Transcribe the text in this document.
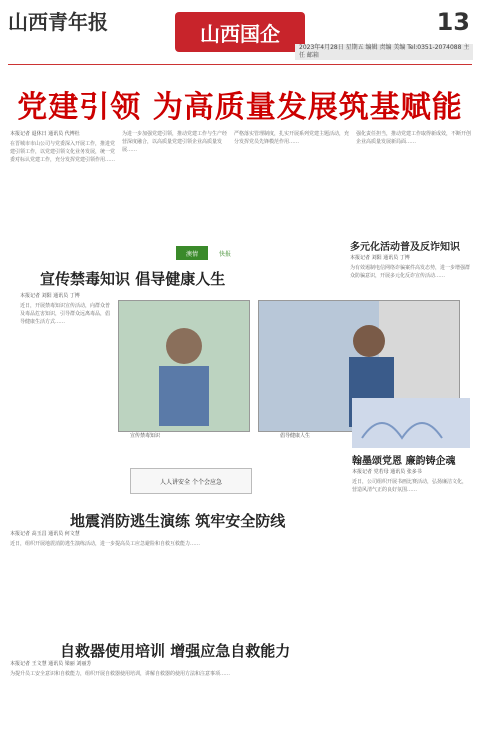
山西青年报	山西国企	13
2023年4月28日 星期五 编辑 责编 美编 Tel:0351-2074088 主任 邮箱
党建引领 为高质量发展筑基赋能
本报记者 退休日 通讯员 代博杜
在晋城市市山公司与党委深入开展工作，推进党建引领工作，以党建引领文化业务发展，统一党委对标认党建工作，充分发挥党建引领作用……
为进一步加强党建引领，推动党建工作与生产经营深度融合，以高质量党建引领企业高质量发展……
严格落实管理制度，扎实开展系列党建主题活动，充分发挥党员先锋模范作用……
强化责任担当，推动党建工作取得新成效，不断开创企业高质量发展新局面……
澳情	快报
宣传禁毒知识 倡导健康人生
本报记者 刘阳 通讯员 丁博
近日，开展禁毒知识宣传活动，向群众普及毒品危害知识，引导群众远离毒品，倡导健康生活方式……
宣传禁毒知识	倡导健康人生
多元化活动普及反诈知识
本报记者 刘阳 通讯员 丁博
为有效遏制电信网络诈骗案件高发态势，进一步增强群众防骗意识，开展多元化反诈宣传活动……
翰墨颂党恩 廉韵铸企魂
本报记者 党若母 通讯员 张多书
近日，公司组织开展书画比赛活动，弘扬廉洁文化，营造风清气正的良好氛围……
人人讲安全 个个会应急
地震消防逃生演练 筑牢安全防线
本报记者 高玉昌 通讯员 何文慧
近日，组织开展地震消防逃生演练活动，进一步提高员工应急避险和自救互救能力……
自救器使用培训 增强应急自救能力
本报记者 王文慧 通讯员 梁丽 刘丽芳
为提升员工安全意识和自救能力，组织开展自救器使用培训，讲解自救器的使用方法和注意事项……
